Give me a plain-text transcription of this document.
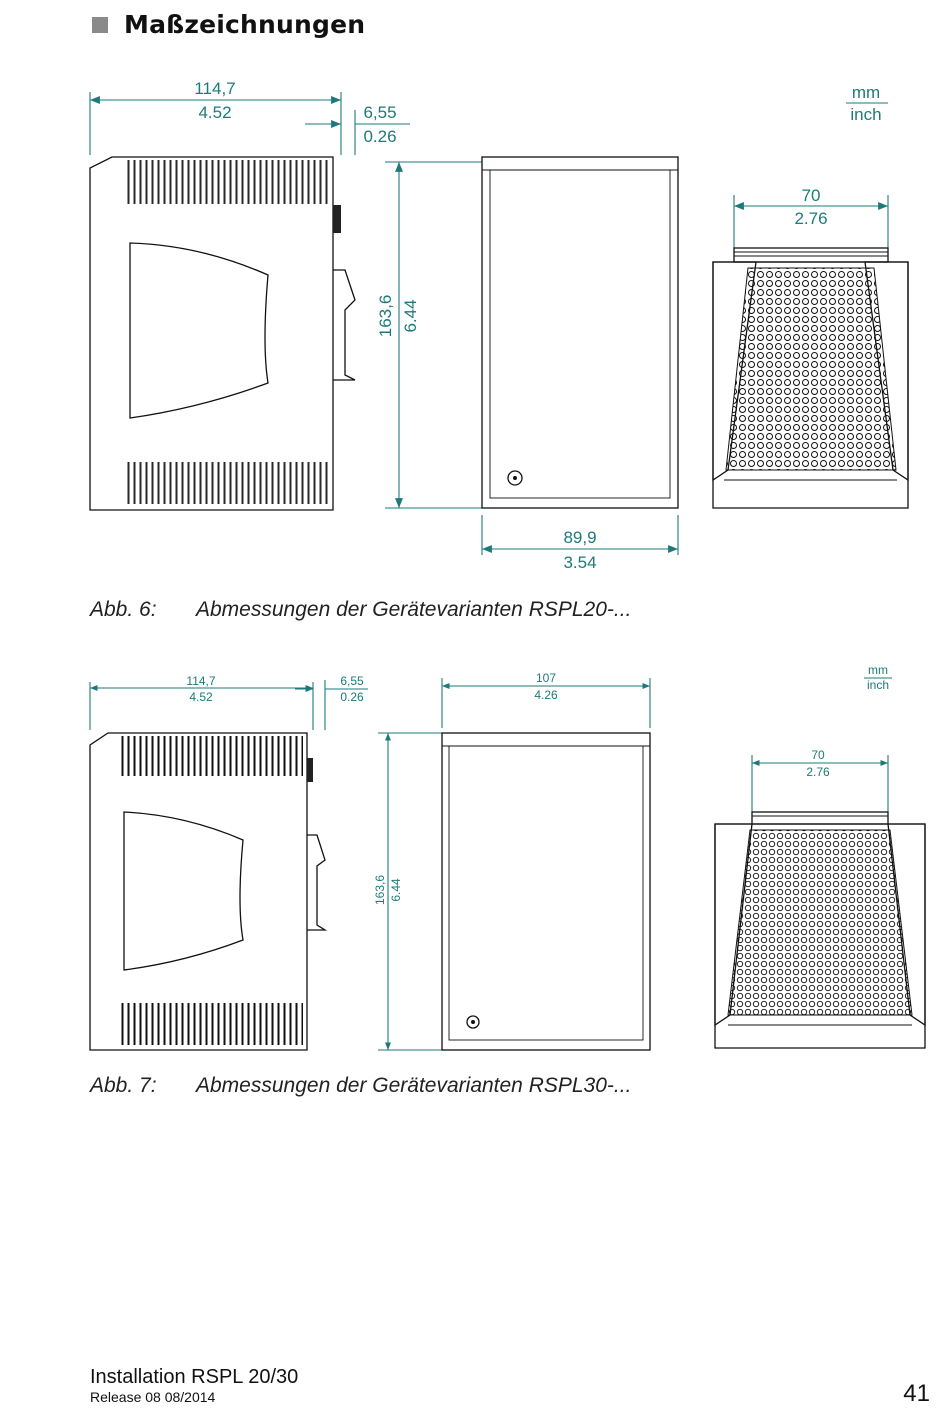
Maßzeichnungen
mm
inch
114,7
4.52	6,55
0.26
163,6 6.44
89,9
3.54
70
2.76
Abb. 6: Abmessungen der Gerätevarianten RSPL20-...
mm
inch
114,7
4.52
6,55
0.26
107
4.26
163,6 6.44
70
2.76
Abb. 7: Abmessungen der Gerätevarianten RSPL30-...
Installation RSPL 20/30
Release 08 08/2014	41
